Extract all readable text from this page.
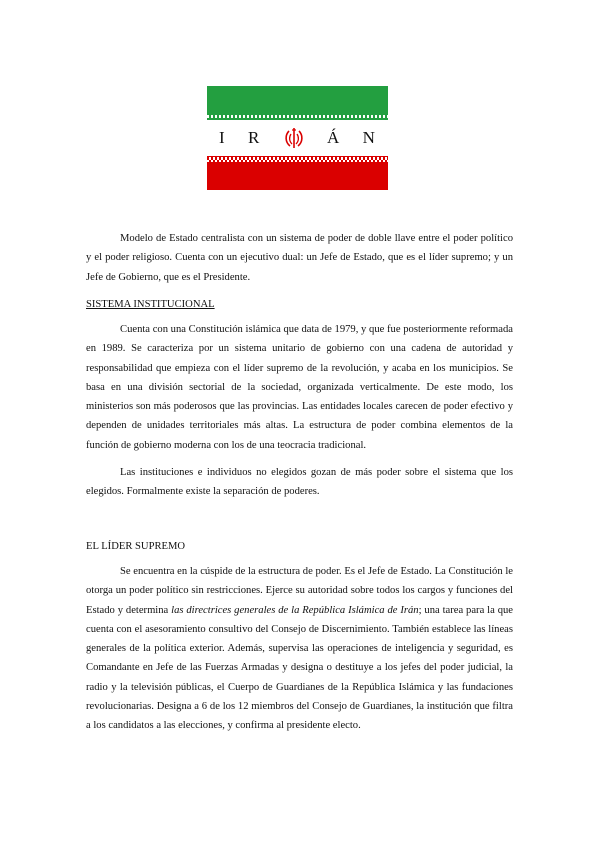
I R	Á N

Modelo de Estado centralista con un sistema de poder de doble llave entre el poder político y el poder religioso. Cuenta con un ejecutivo dual: un Jefe de Estado, que es el líder supremo; y un Jefe de Gobierno, que es el Presidente.

SISTEMA INSTITUCIONAL

Cuenta con una Constitución islámica que data de 1979, y que fue posteriormente reformada en 1989. Se caracteriza por un sistema unitario de gobierno con una cadena de autoridad y responsabilidad que empieza con el líder supremo de la revolución, y acaba en los municipios. Se basa en una división sectorial de la sociedad, organizada verticalmente. De este modo, los ministerios son más poderosos que las provincias. Las entidades locales carecen de poder efectivo y dependen de unidades territoriales más altas. La estructura de poder combina elementos de la función de gobierno moderna con los de una teocracia tradicional.

Las instituciones e individuos no elegidos gozan de más poder sobre el sistema que los elegidos. Formalmente existe la separación de poderes.

EL LÍDER SUPREMO

Se encuentra en la cúspide de la estructura de poder. Es el Jefe de Estado. La Constitución le otorga un poder político sin restricciones. Ejerce su autoridad sobre todos los cargos y funciones del Estado y determina las directrices generales de la República Islámica de Irán; una tarea para la que cuenta con el asesoramiento consultivo del Consejo de Discernimiento. También establece las líneas generales de la política exterior. Además, supervisa las operaciones de inteligencia y seguridad, es Comandante en Jefe de las Fuerzas Armadas y designa o destituye a los jefes del poder judicial, la radio y la televisión públicas, el Cuerpo de Guardianes de la República Islámica y las fundaciones revolucionarias. Designa a 6 de los 12 miembros del Consejo de Guardianes, la institución que filtra a los candidatos a las elecciones, y confirma al presidente electo.
